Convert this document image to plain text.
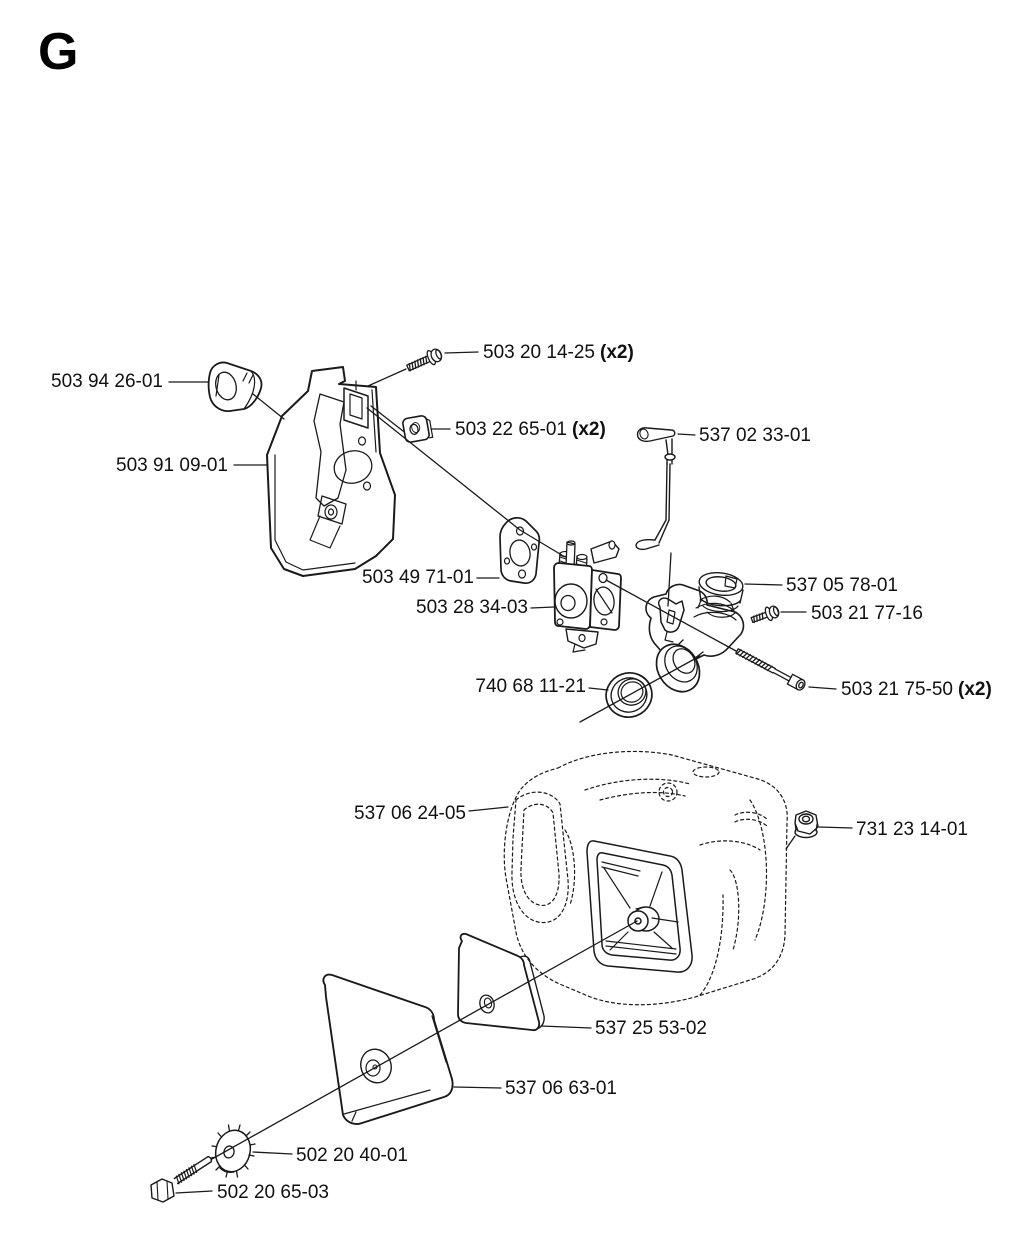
G
503 20 14-25 (x2)
503 94 26-01
503 22 65-01 (x2)
503 91 09-01
537 02 33-01
503 49 71-01
503 28 34-03
537 05 78-01
503 21 77-16
740 68 11-21	503 21 75-50 (x2)
537 06 24-05
731 23 14-01
537 25 53-02
537 06 63-01
502 20 40-01
502 20 65-03
